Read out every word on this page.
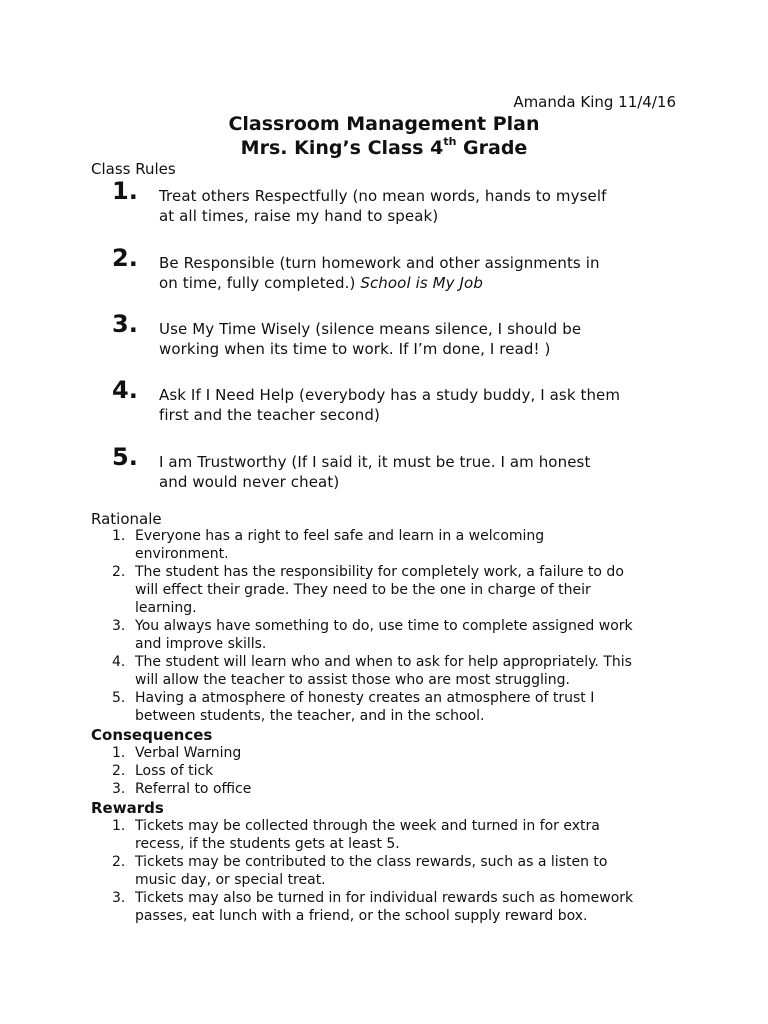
Amanda King 11/4/16
Classroom Management Plan
Mrs. King’s Class 4th Grade
Class Rules
1. Treat others Respectfully (no mean words, hands to myself
at all times, raise my hand to speak)
2. Be Responsible (turn homework and other assignments in
on time, fully completed.) School is My Job
3. Use My Time Wisely (silence means silence, I should be
working when its time to work. If I’m done, I read! )
4. Ask If I Need Help (everybody has a study buddy, I ask them
first and the teacher second)
5. I am Trustworthy (If I said it, it must be true. I am honest
and would never cheat)
Rationale
1. Everyone has a right to feel safe and learn in a welcoming
environment.
2. The student has the responsibility for completely work, a failure to do
will effect their grade. They need to be the one in charge of their
learning.
3. You always have something to do, use time to complete assigned work
and improve skills.
4. The student will learn who and when to ask for help appropriately. This
will allow the teacher to assist those who are most struggling.
5. Having a atmosphere of honesty creates an atmosphere of trust I
between students, the teacher, and in the school.
Consequences
1. Verbal Warning
2. Loss of tick
3. Referral to office
Rewards
1. Tickets may be collected through the week and turned in for extra
recess, if the students gets at least 5.
2. Tickets may be contributed to the class rewards, such as a listen to
music day, or special treat.
3. Tickets may also be turned in for individual rewards such as homework
passes, eat lunch with a friend, or the school supply reward box.
